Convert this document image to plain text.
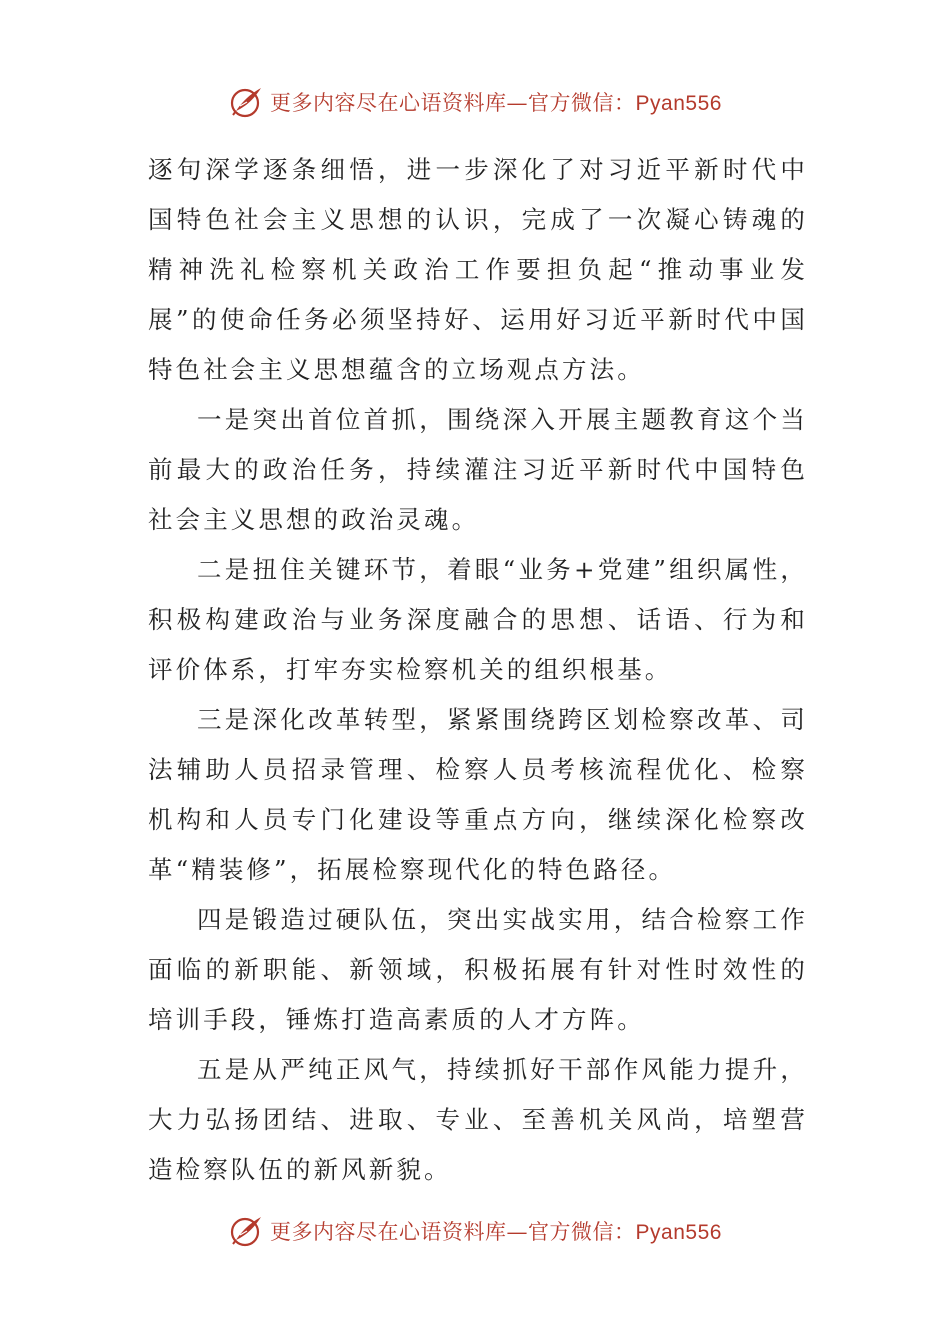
更多内容尽在心语资料库—官方微信：Pyan556

逐句深学逐条细悟，进一步深化了对习近平新时代中国特色社会主义思想的认识，完成了一次凝心铸魂的精神洗礼检察机关政治工作要担负起“推动事业发展”的使命任务必须坚持好、运用好习近平新时代中国特色社会主义思想蕴含的立场观点方法。

一是突出首位首抓，围绕深入开展主题教育这个当前最大的政治任务，持续灌注习近平新时代中国特色社会主义思想的政治灵魂。

二是扭住关键环节，着眼“业务+党建”组织属性，积极构建政治与业务深度融合的思想、话语、行为和评价体系，打牢夯实检察机关的组织根基。

三是深化改革转型，紧紧围绕跨区划检察改革、司法辅助人员招录管理、检察人员考核流程优化、检察机构和人员专门化建设等重点方向，继续深化检察改革“精装修”，拓展检察现代化的特色路径。

四是锻造过硬队伍，突出实战实用，结合检察工作面临的新职能、新领域，积极拓展有针对性时效性的培训手段，锤炼打造高素质的人才方阵。

五是从严纯正风气，持续抓好干部作风能力提升，大力弘扬团结、进取、专业、至善机关风尚，培塑营造检察队伍的新风新貌。

更多内容尽在心语资料库—官方微信：Pyan556
